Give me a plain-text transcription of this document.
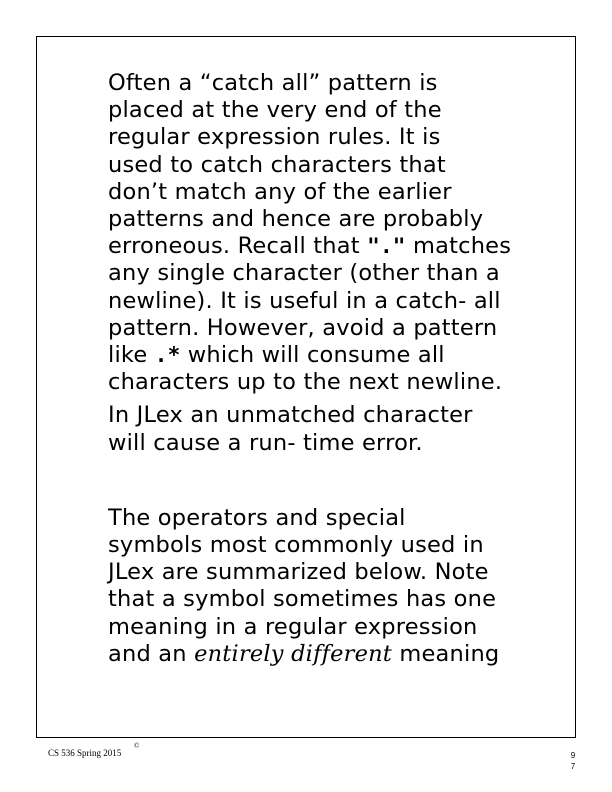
Often a “catch all” pattern is
placed at the very end of the
regular expression rules. It is
used to catch characters that
don’t match any of the earlier
patterns and hence are probably
erroneous. Recall that "." matches
any single character (other than a
newline). It is useful in a catch- all
pattern. However, avoid a pattern
like .* which will consume all
characters up to the next newline.

In JLex an unmatched character
will cause a run- time error.

The operators and special
symbols most commonly used in
JLex are summarized below. Note
that a symbol sometimes has one
meaning in a regular expression
and an entirely different meaning

CS 536 Spring 2015
©
9
7
